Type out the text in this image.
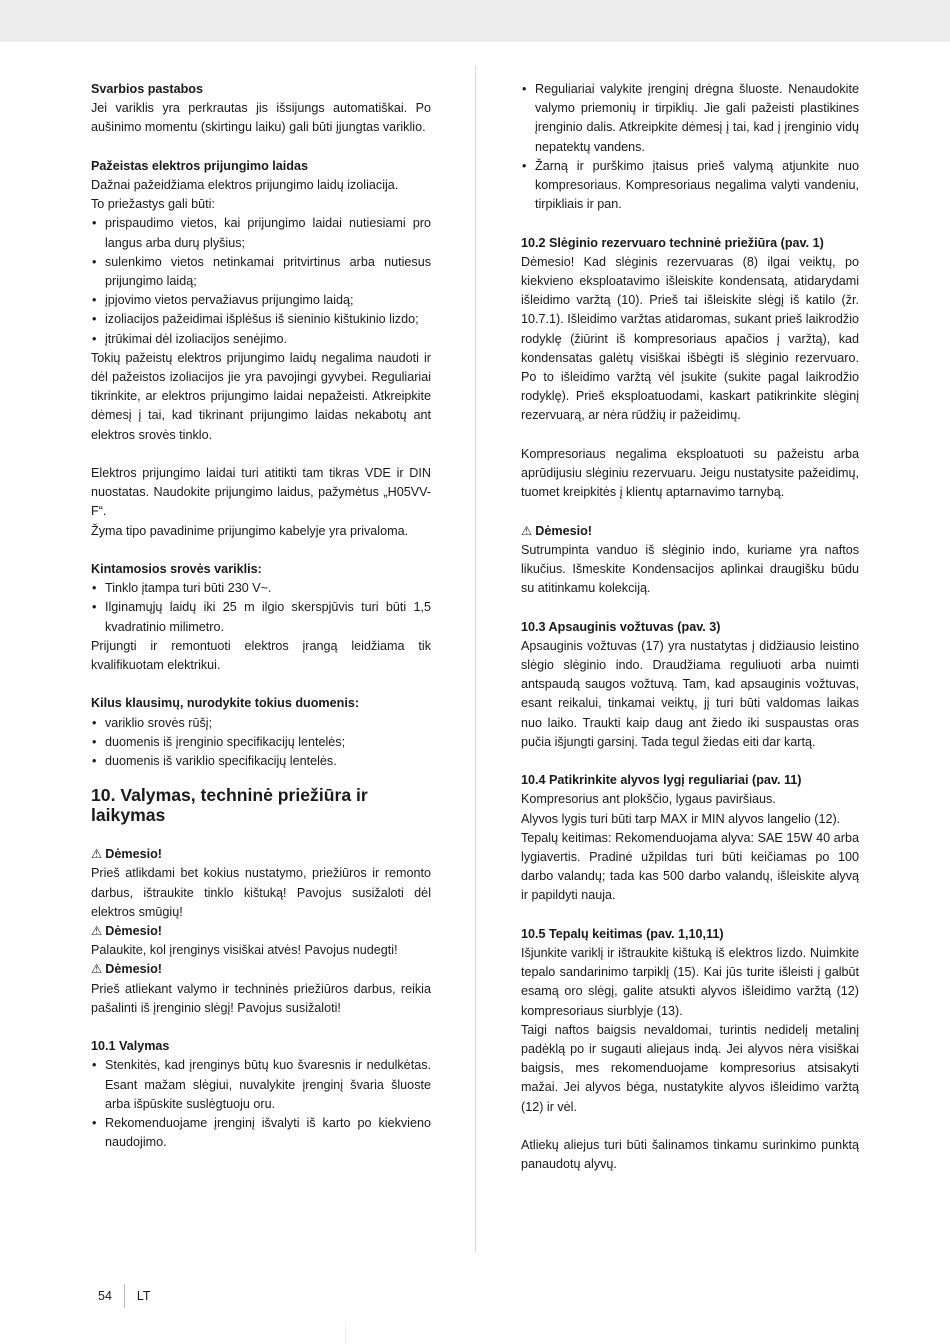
Svarbios pastabos

Jei variklis yra perkrautas jis išsijungs automatiškai. Po aušinimo momentu (skirtingu laiku) gali būti įjungtas variklio.

Pažeistas elektros prijungimo laidas

Dažnai pažeidžiama elektros prijungimo laidų izoliacija.

To priežastys gali būti:

• prispaudimo vietos, kai prijungimo laidai nutiesiami pro langus arba durų plyšius;
• sulenkimo vietos netinkamai pritvirtinus arba nutiesus prijungimo laidą;
• įpjovimo vietos pervažiavus prijungimo laidą;
• izoliacijos pažeidimai išplėšus iš sieninio kištukinio lizdo;
• įtrūkimai dėl izoliacijos senėjimo.

Tokių pažeistų elektros prijungimo laidų negalima naudoti ir dėl pažeistos izoliacijos jie yra pavojingi gyvybei. Reguliariai tikrinkite, ar elektros prijungimo laidai nepažeisti. Atkreipkite dėmesį į tai, kad tikrinant prijungimo laidas nekabotų ant elektros srovės tinklo.

Elektros prijungimo laidai turi atitikti tam tikras VDE ir DIN nuostatas. Naudokite prijungimo laidus, pažymėtus „H05VV-F“.

Žyma tipo pavadinime prijungimo kabelyje yra privaloma.

Kintamosios srovės variklis:

• Tinklo įtampa turi būti 230 V~.
• Ilginamųjų laidų iki 25 m ilgio skerspjūvis turi būti 1,5 kvadratinio milimetro.

Prijungti ir remontuoti elektros įrangą leidžiama tik kvalifikuotam elektrikui.

Kilus klausimų, nurodykite tokius duomenis:

• variklio srovės rūšį;
• duomenis iš įrenginio specifikacijų lentelės;
• duomenis iš variklio specifikacijų lentelės.
10. Valymas, techninė priežiūra ir laikymas

⚠ Dėmesio!

Prieš atlikdami bet kokius nustatymo, priežiūros ir remonto darbus, ištraukite tinklo kištuką! Pavojus susižaloti dėl elektros smūgių!

⚠ Dėmesio!

Palaukite, kol įrenginys visiškai atvės! Pavojus nudegti!

⚠ Dėmesio!

Prieš atliekant valymo ir techninės priežiūros darbus, reikia pašalinti iš įrenginio slėgį! Pavojus susižaloti!

10.1 Valymas

• Stenkitės, kad įrenginys būtų kuo švaresnis ir nedulkėtas. Esant mažam slėgiui, nuvalykite įrenginį švaria šluoste arba išpūskite suslėgtuoju oru.
• Rekomenduojame įrenginį išvalyti iš karto po kiekvieno naudojimo.
• Reguliariai valykite įrenginį drėgna šluoste. Nenaudokite valymo priemonių ir tirpiklių. Jie gali pažeisti plastikines įrenginio dalis. Atkreipkite dėmesį į tai, kad į įrenginio vidų nepatektų vandens.
• Žarną ir purškimo įtaisus prieš valymą atjunkite nuo kompresoriaus. Kompresoriaus negalima valyti vandeniu, tirpikliais ir pan.

10.2 Slėginio rezervuaro techninė priežiūra (pav. 1)

Dėmesio! Kad slėginis rezervuaras (8) ilgai veiktų, po kiekvieno eksploatavimo išleiskite kondensatą, atidarydami išleidimo varžtą (10). Prieš tai išleiskite slėgį iš katilo (žr. 10.7.1). Išleidimo varžtas atidaromas, sukant prieš laikrodžio rodyklę (žiūrint iš kompresoriaus apačios į varžtą), kad kondensatas galėtų visiškai išbėgti iš slėginio rezervuaro. Po to išleidimo varžtą vėl įsukite (sukite pagal laikrodžio rodyklę). Prieš eksploatuodami, kaskart patikrinkite slėginį rezervuarą, ar nėra rūdžių ir pažeidimų.

Kompresoriaus negalima eksploatuoti su pažeistu arba aprūdijusiu slėginiu rezervuaru. Jeigu nustatysite pažeidimų, tuomet kreipkitės į klientų aptarnavimo tarnybą.

⚠ Dėmesio!

Sutrumpinta vanduo iš slėginio indo, kuriame yra naftos likučius. Išmeskite Kondensacijos aplinkai draugišku būdu su atitinkamu kolekciją.

10.3 Apsauginis vožtuvas (pav. 3)

Apsauginis vožtuvas (17) yra nustatytas į didžiausio leistino slėgio slėginio indo. Draudžiama reguliuoti arba nuimti antspaudą saugos vožtuvą. Tam, kad apsauginis vožtuvas, esant reikalui, tinkamai veiktų, jį turi būti valdomas laikas nuo laiko. Traukti kaip daug ant žiedo iki suspaustas oras pučia išjungti garsinį. Tada tegul žiedas eiti dar kartą.

10.4 Patikrinkite alyvos lygį reguliariai (pav. 11)

Kompresorius ant plokščio, lygaus paviršiaus.

Alyvos lygis turi būti tarp MAX ir MIN alyvos langelio (12).

Tepalų keitimas: Rekomenduojama alyva: SAE 15W 40 arba lygiavertis. Pradinė užpildas turi būti keičiamas po 100 darbo valandų; tada kas 500 darbo valandų, išleiskite alyvą ir papildyti nauja.

10.5 Tepalų keitimas (pav. 1,10,11)

Išjunkite variklį ir ištraukite kištuką iš elektros lizdo. Nuimkite tepalo sandarinimo tarpiklį (15). Kai jūs turite išleisti į galbūt esamą oro slėgį, galite atsukti alyvos išleidimo varžtą (12) kompresoriaus siurblyje (13).

Taigi naftos baigsis nevaldomai, turintis nedidelį metalinį padėklą po ir sugauti aliejaus indą. Jei alyvos nėra visiškai baigsis, mes rekomenduojame kompresorius atsisakyti mažai. Jei alyvos bėga, nustatykite alyvos išleidimo varžtą (12) ir vėl.

Atliekų aliejus turi būti šalinamos tinkamu surinkimo punktą panaudotų alyvų.

54	LT
